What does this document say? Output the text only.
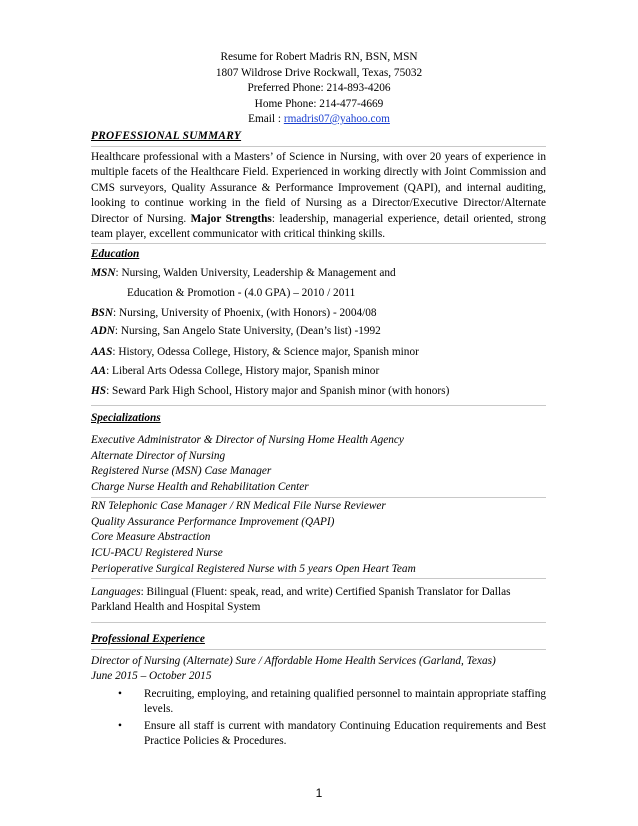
Resume for Robert Madris RN, BSN, MSN
1807 Wildrose Drive Rockwall, Texas, 75032
Preferred Phone: 214-893-4206
Home Phone: 214-477-4669
Email : rmadris07@yahoo.com
PROFESSIONAL SUMMARY
Healthcare professional with a Masters’ of Science in Nursing, with over 20 years of experience in multiple facets of the Healthcare Field. Experienced in working directly with Joint Commission and CMS surveyors, Quality Assurance & Performance Improvement (QAPI), and internal auditing, looking to continue working in the field of Nursing as a Director/Executive Director/Alternate Director of Nursing. Major Strengths: leadership, managerial experience, detail oriented, strong team player, excellent communicator with critical thinking skills.
Education
MSN: Nursing, Walden University, Leadership & Management and
Education & Promotion - (4.0 GPA) – 2010 / 2011
BSN: Nursing, University of Phoenix, (with Honors) - 2004/08
ADN: Nursing, San Angelo State University, (Dean’s list) -1992
AAS: History, Odessa College, History, & Science major, Spanish minor
AA: Liberal Arts Odessa College, History major, Spanish minor
HS: Seward Park High School, History major and Spanish minor (with honors)
Specializations
Executive Administrator & Director of Nursing Home Health Agency
Alternate Director of Nursing
Registered Nurse (MSN) Case Manager
Charge Nurse Health and Rehabilitation Center
RN Telephonic Case Manager / RN Medical File Nurse Reviewer
Quality Assurance Performance Improvement (QAPI)
Core Measure Abstraction
ICU-PACU Registered Nurse
Perioperative Surgical Registered Nurse with 5 years Open Heart Team
Languages: Bilingual (Fluent: speak, read, and write) Certified Spanish Translator for Dallas Parkland Health and Hospital System
Professional Experience
Director of Nursing (Alternate) Sure / Affordable Home Health Services (Garland, Texas)
June 2015 – October 2015
•	Recruiting, employing, and retaining qualified personnel to maintain appropriate staffing levels.
•	Ensure all staff is current with mandatory Continuing Education requirements and Best Practice Policies & Procedures.
1
